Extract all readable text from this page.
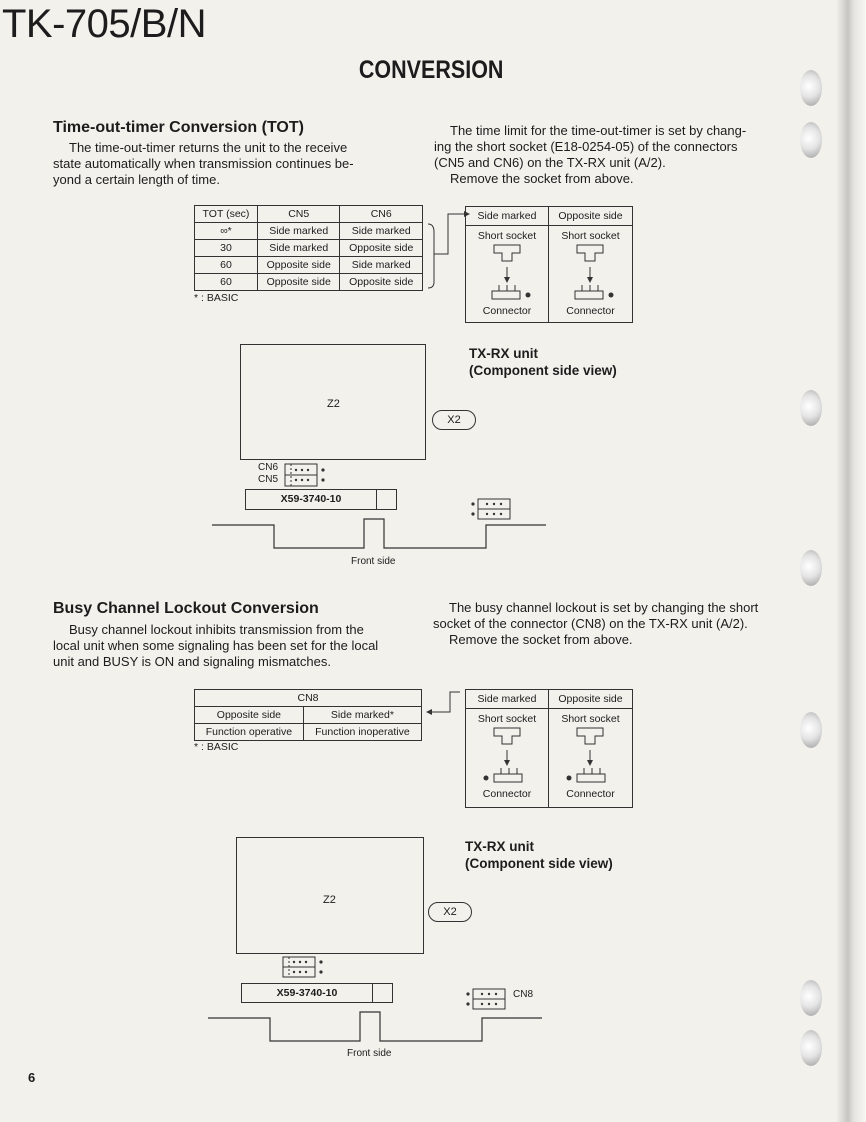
TK-705/B/N
CONVERSION
Time-out-timer Conversion (TOT)
The time-out-timer returns the unit to the receive
state automatically when transmission continues be-
yond a certain length of time.
The time limit for the time-out-timer is set by chang-
ing the short socket (E18-0254-05) of the connectors
(CN5 and CN6) on the TX-RX unit (A/2).
Remove the socket from above.
TOT (sec)	CN5	CN6
∞*	Side marked	Side marked
30	Side marked	Opposite side
60	Opposite side	Side marked
60	Opposite side	Opposite side
* : BASIC
Side marked
Short socket
Connector
Opposite side
Short socket
Connector
TX-RX unit
(Component side view)
Z2
X2
CN6
CN5
X59-3740-10
Front side
Busy Channel Lockout Conversion
Busy channel lockout inhibits transmission from the
local unit when some signaling has been set for the local
unit and BUSY is ON and signaling mismatches.
The busy channel lockout is set by changing the short
socket of the connector (CN8) on the TX-RX unit (A/2).
Remove the socket from above.
CN8	
Opposite side	Side marked*
Function operative	Function inoperative
* : BASIC
Side marked
Short socket
Connector
Opposite side
Short socket
Connector
TX-RX unit
(Component side view)
Z2
X2
X59-3740-10	CN8
Front side
6
